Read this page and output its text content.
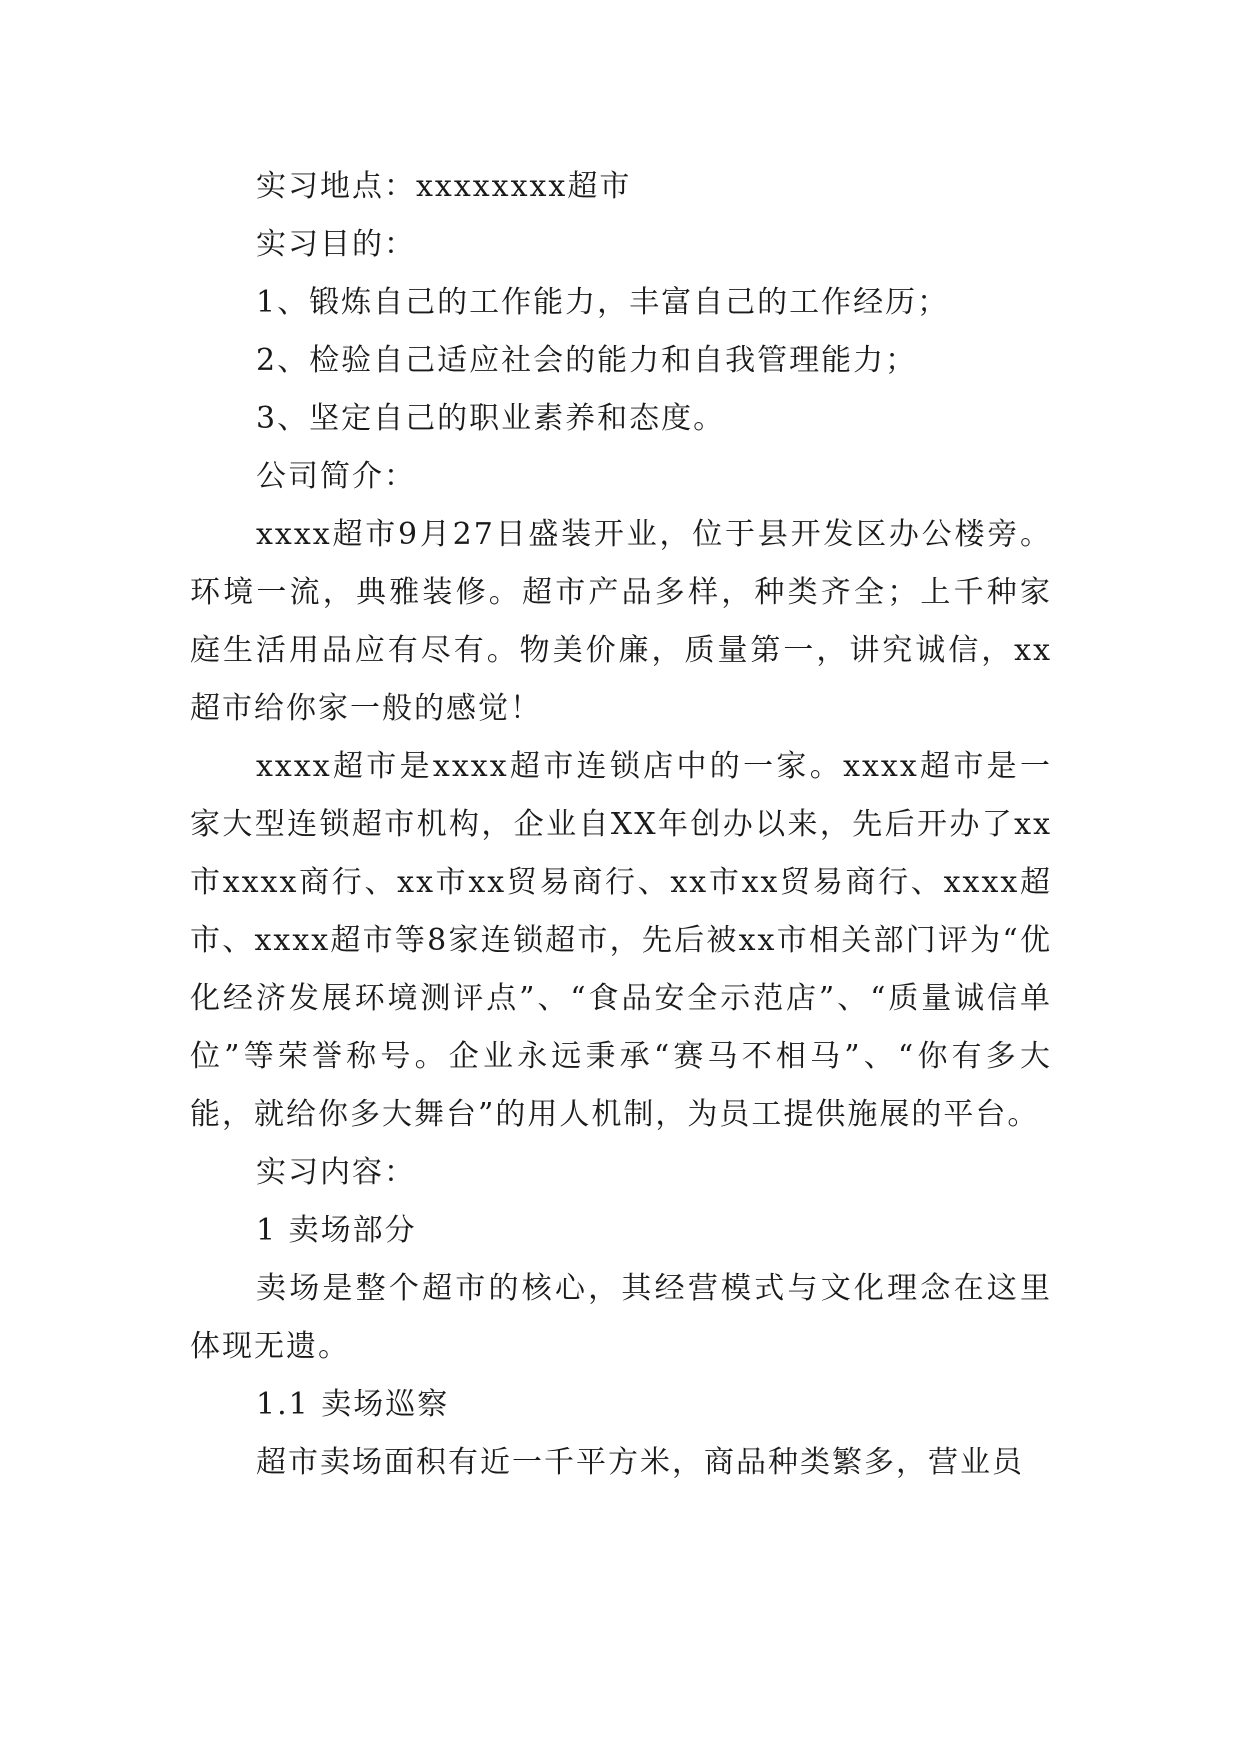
实习地点：xxxxxxxx超市

实习目的：

1、锻炼自己的工作能力，丰富自己的工作经历；

2、检验自己适应社会的能力和自我管理能力；

3、坚定自己的职业素养和态度。

公司简介：

xxxx超市9月27日盛装开业，位于县开发区办公楼旁。环境一流，典雅装修。超市产品多样，种类齐全；上千种家庭生活用品应有尽有。物美价廉，质量第一，讲究诚信，xx超市给你家一般的感觉！

xxxx超市是xxxx超市连锁店中的一家。xxxx超市是一家大型连锁超市机构，企业自XX年创办以来，先后开办了xx市xxxx商行、xx市xx贸易商行、xx市xx贸易商行、xxxx超市、xxxx超市等8家连锁超市，先后被xx市相关部门评为“优化经济发展环境测评点”、“食品安全示范店”、“质量诚信单位”等荣誉称号。企业永远秉承“赛马不相马”、“你有多大能，就给你多大舞台”的用人机制，为员工提供施展的平台。

实习内容：

1 卖场部分

卖场是整个超市的核心，其经营模式与文化理念在这里体现无遗。

1.1 卖场巡察

超市卖场面积有近一千平方米，商品种类繁多，营业员
